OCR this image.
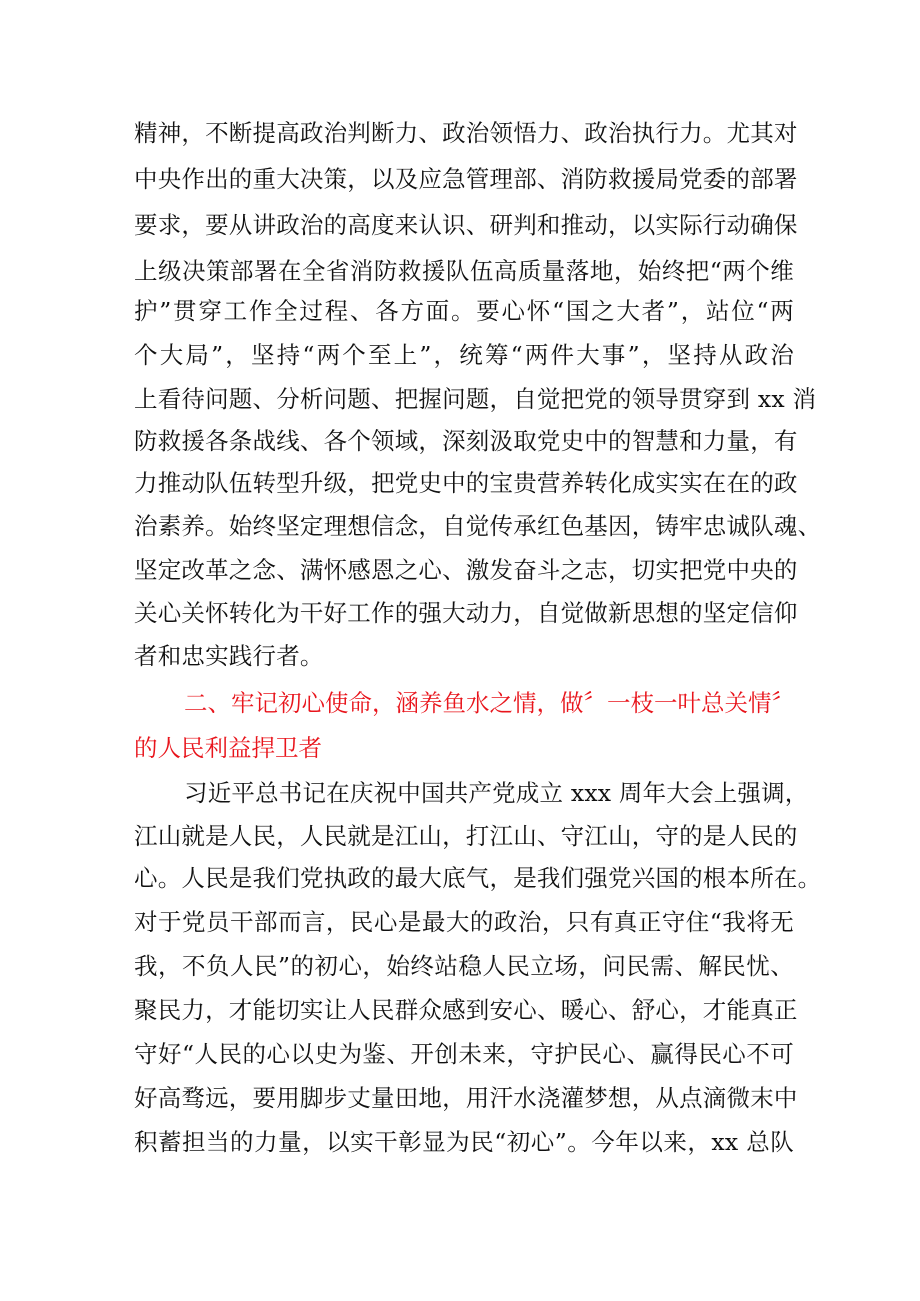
精神，不断提高政治判断力、政治领悟力、政治执行力。尤其对
中央作出的重大决策，以及应急管理部、消防救援局党委的部署
要求，要从讲政治的高度来认识、研判和推动，以实际行动确保
上级决策部署在全省消防救援队伍高质量落地，始终把“两个维
护”贯穿工作全过程、各方面。要心怀“国之大者”，站位“两
个大局”，坚持“两个至上”，统筹“两件大事”，坚持从政治
上看待问题、分析问题、把握问题，自觉把党的领导贯穿到 xx 消
防救援各条战线、各个领域，深刻汲取党史中的智慧和力量，有
力推动队伍转型升级，把党史中的宝贵营养转化成实实在在的政
治素养。始终坚定理想信念，自觉传承红色基因，铸牢忠诚队魂、
坚定改革之念、满怀感恩之心、激发奋斗之志，切实把党中央的
关心关怀转化为干好工作的强大动力，自觉做新思想的坚定信仰
者和忠实践行者。
二、牢记初心使命，涵养鱼水之情，做〞一枝一叶总关情〞
的人民利益捍卫者
习近平总书记在庆祝中国共产党成立 xxx 周年大会上强调，
江山就是人民，人民就是江山，打江山、守江山，守的是人民的
心。人民是我们党执政的最大底气，是我们强党兴国的根本所在。
对于党员干部而言，民心是最大的政治，只有真正守住“我将无
我，不负人民”的初心，始终站稳人民立场，问民需、解民忧、
聚民力，才能切实让人民群众感到安心、暖心、舒心，才能真正
守好“人民的心以史为鉴、开创未来，守护民心、赢得民心不可
好高骛远，要用脚步丈量田地，用汗水浇灌梦想，从点滴微末中
积蓄担当的力量，以实干彰显为民“初心”。今年以来，xx 总队
